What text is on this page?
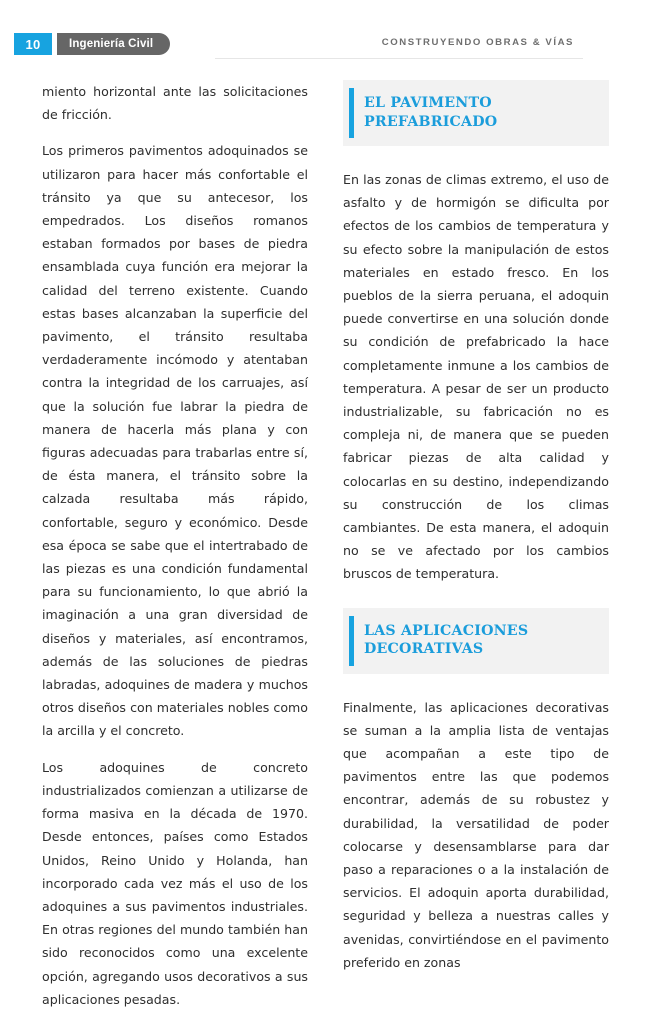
10	Ingeniería Civil	CONSTRUYENDO OBRAS & VÍAS

miento horizontal ante las solicitaciones de fricción.

Los primeros pavimentos adoquinados se utilizaron para hacer más confortable el tránsito ya que su antecesor, los empedrados. Los diseños romanos estaban formados por bases de piedra ensamblada cuya función era mejorar la calidad del terreno existente. Cuando estas bases alcanzaban la superficie del pavimento, el tránsito resultaba verdaderamente incómodo y atentaban contra la integridad de los carruajes, así que la solución fue labrar la piedra de manera de hacerla más plana y con figuras adecuadas para trabarlas entre sí, de ésta manera, el tránsito sobre la calzada resultaba más rápido, confortable, seguro y económico. Desde esa época se sabe que el intertrabado de las piezas es una condición fundamental para su funcionamiento, lo que abrió la imaginación a una gran diversidad de diseños y materiales, así encontramos, además de las soluciones de piedras labradas, adoquines de madera y muchos otros diseños con materiales nobles como la arcilla y el concreto.

Los adoquines de concreto industrializados comienzan a utilizarse de forma masiva en la década de 1970. Desde entonces, países como Estados Unidos, Reino Unido y Holanda, han incorporado cada vez más el uso de los adoquines a sus pavimentos industriales. En otras regiones del mundo también han sido reconocidos como una excelente opción, agregando usos decorativos a sus aplicaciones pesadas.

EL PAVIMENTO PREFABRICADO

En las zonas de climas extremo, el uso de asfalto y de hormigón se dificulta por efectos de los cambios de temperatura y su efecto sobre la manipulación de estos materiales en estado fresco. En los pueblos de la sierra peruana, el adoquin puede convertirse en una solución donde su condición de prefabricado la hace completamente inmune a los cambios de temperatura. A pesar de ser un producto industrializable, su fabricación no es compleja ni, de manera que se pueden fabricar piezas de alta calidad y colocarlas en su destino, independizando su construcción de los climas cambiantes. De esta manera, el adoquin no se ve afectado por los cambios bruscos de temperatura.

LAS APLICACIONES DECORATIVAS

Finalmente, las aplicaciones decorativas se suman a la amplia lista de ventajas que acompañan a este tipo de pavimentos entre las que podemos encontrar, además de su robustez y durabilidad, la versatilidad de poder colocarse y desensamblarse para dar paso a reparaciones o a la instalación de servicios. El adoquin aporta durabilidad, seguridad y belleza a nuestras calles y avenidas, convirtiéndose en el pavimento preferido en zonas
